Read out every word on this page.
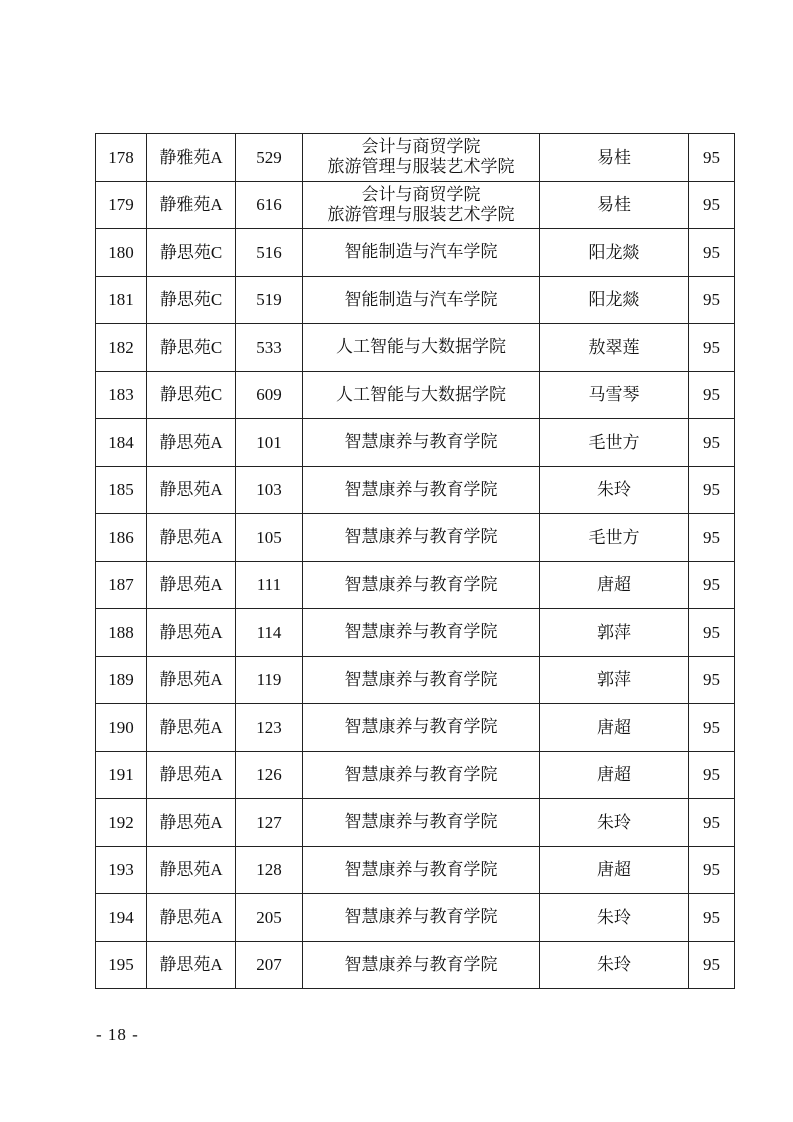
178	静雅苑A	529	会计与商贸学院
旅游管理与服装艺术学院	易桂	95
179	静雅苑A	616	会计与商贸学院
旅游管理与服装艺术学院	易桂	95
180	静思苑C	516	智能制造与汽车学院	阳龙燚	95
181	静思苑C	519	智能制造与汽车学院	阳龙燚	95
182	静思苑C	533	人工智能与大数据学院	敖翠莲	95
183	静思苑C	609	人工智能与大数据学院	马雪琴	95
184	静思苑A	101	智慧康养与教育学院	毛世方	95
185	静思苑A	103	智慧康养与教育学院	朱玲	95
186	静思苑A	105	智慧康养与教育学院	毛世方	95
187	静思苑A	111	智慧康养与教育学院	唐超	95
188	静思苑A	114	智慧康养与教育学院	郭萍	95
189	静思苑A	119	智慧康养与教育学院	郭萍	95
190	静思苑A	123	智慧康养与教育学院	唐超	95
191	静思苑A	126	智慧康养与教育学院	唐超	95
192	静思苑A	127	智慧康养与教育学院	朱玲	95
193	静思苑A	128	智慧康养与教育学院	唐超	95
194	静思苑A	205	智慧康养与教育学院	朱玲	95
195	静思苑A	207	智慧康养与教育学院	朱玲	95
- 18 -
